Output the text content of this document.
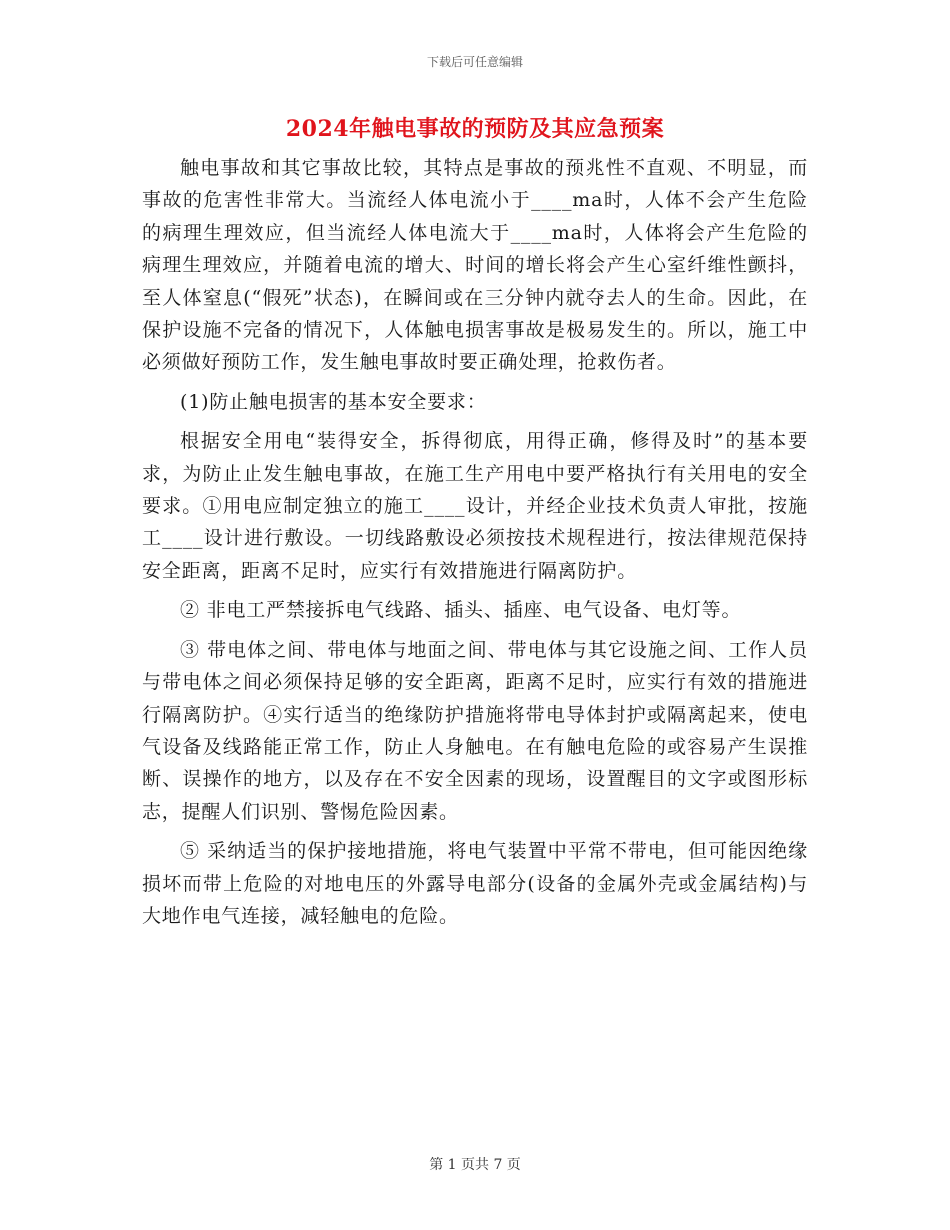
下载后可任意编辑
2024年触电事故的预防及其应急预案

触电事故和其它事故比较，其特点是事故的预兆性不直观、不明显，而事故的危害性非常大。当流经人体电流小于____ma时，人体不会产生危险的病理生理效应，但当流经人体电流大于____ma时，人体将会产生危险的病理生理效应，并随着电流的增大、时间的增长将会产生心室纤维性颤抖，至人体窒息(“假死”状态)，在瞬间或在三分钟内就夺去人的生命。因此，在保护设施不完备的情况下，人体触电损害事故是极易发生的。所以，施工中必须做好预防工作，发生触电事故时要正确处理，抢救伤者。

(1)防止触电损害的基本安全要求：

根据安全用电“装得安全，拆得彻底，用得正确，修得及时”的基本要求，为防止止发生触电事故，在施工生产用电中要严格执行有关用电的安全要求。①用电应制定独立的施工____设计，并经企业技术负责人审批，按施工____设计进行敷设。一切线路敷设必须按技术规程进行，按法律规范保持安全距离，距离不足时，应实行有效措施进行隔离防护。

② 非电工严禁接拆电气线路、插头、插座、电气设备、电灯等。

③ 带电体之间、带电体与地面之间、带电体与其它设施之间、工作人员与带电体之间必须保持足够的安全距离，距离不足时，应实行有效的措施进行隔离防护。④实行适当的绝缘防护措施将带电导体封护或隔离起来，使电气设备及线路能正常工作，防止人身触电。在有触电危险的或容易产生误推断、误操作的地方，以及存在不安全因素的现场，设置醒目的文字或图形标志，提醒人们识别、警惕危险因素。

⑤ 采纳适当的保护接地措施，将电气装置中平常不带电，但可能因绝缘损坏而带上危险的对地电压的外露导电部分(设备的金属外壳或金属结构)与大地作电气连接，减轻触电的危险。

第 1 页共 7 页
